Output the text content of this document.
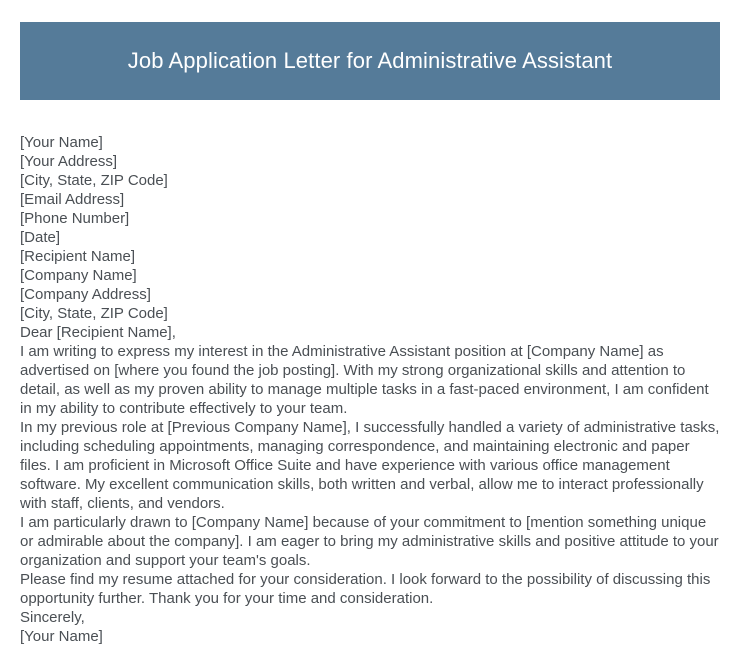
Job Application Letter for Administrative Assistant
[Your Name]
[Your Address]
[City, State, ZIP Code]
[Email Address]
[Phone Number]
[Date]
[Recipient Name]
[Company Name]
[Company Address]
[City, State, ZIP Code]
Dear [Recipient Name],

I am writing to express my interest in the Administrative Assistant position at [Company Name] as advertised on [where you found the job posting]. With my strong organizational skills and attention to detail, as well as my proven ability to manage multiple tasks in a fast-paced environment, I am confident in my ability to contribute effectively to your team.

In my previous role at [Previous Company Name], I successfully handled a variety of administrative tasks, including scheduling appointments, managing correspondence, and maintaining electronic and paper files. I am proficient in Microsoft Office Suite and have experience with various office management software. My excellent communication skills, both written and verbal, allow me to interact professionally with staff, clients, and vendors.

I am particularly drawn to [Company Name] because of your commitment to [mention something unique or admirable about the company]. I am eager to bring my administrative skills and positive attitude to your organization and support your team's goals.

Please find my resume attached for your consideration. I look forward to the possibility of discussing this opportunity further. Thank you for your time and consideration.

Sincerely,
[Your Name]
